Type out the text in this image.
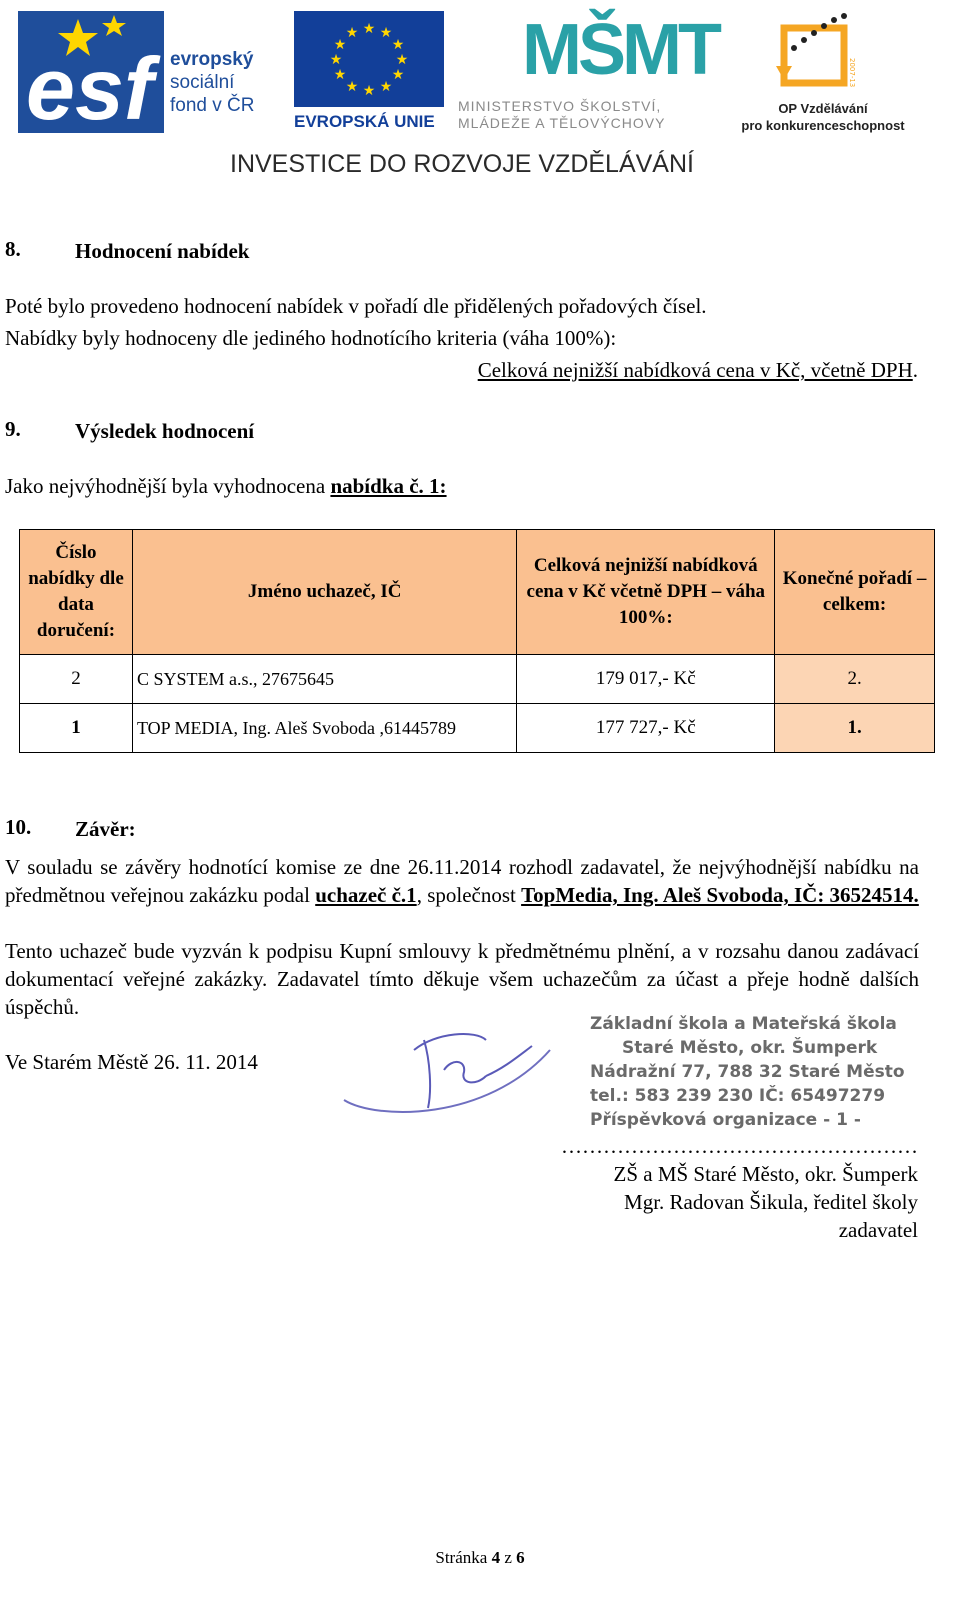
esf evropský
sociální
fond v ČR
★ ★
★
★
★
★
★
★
★
★
★
★
EVROPSKÁ UNIE
MŠMT
MINISTERSTVO ŠKOLSTVÍ,
MLÁDEŽE A TĚLOVÝCHOVY
2007-13
OP Vzdělávání
pro konkurenceschopnost
INVESTICE DO ROZVOJE VZDĚLÁVÁNÍ
8.	Hodnocení nabídek
Poté bylo provedeno hodnocení nabídek v pořadí dle přidělených pořadových čísel.
Nabídky byly hodnoceny dle jediného hodnotícího kriteria (váha 100%):
Celková nejnižší nabídková cena v Kč, včetně DPH.
9.	Výsledek hodnocení
Jako nejvýhodnější byla vyhodnocena nabídka č. 1:
Číslo nabídky dle data doručení:	Jméno uchazeč, IČ	Celková nejnižší nabídková cena v Kč včetně DPH – váha 100%:	Konečné pořadí – celkem:
2	C SYSTEM a.s., 27675645	179 017,- Kč	2.
1	TOP MEDIA, Ing. Aleš Svoboda ,61445789	177 727,- Kč	1.
10. Závěr:
V souladu se závěry hodnotící komise ze dne 26.11.2014 rozhodl zadavatel, že nejvýhodnější nabídku na předmětnou veřejnou zakázku podal uchazeč č.1, společnost TopMedia, Ing. Aleš Svoboda, IČ: 36524514.
Tento uchazeč bude vyzván k podpisu Kupní smlouvy k předmětnému plnění, a v rozsahu danou zadávací dokumentací veřejné zakázky. Zadavatel tímto děkuje všem uchazečům za účast a přeje hodně dalších úspěchů.
Ve Starém Městě 26. 11. 2014
Základní škola a Mateřská škola
Staré Město, okr. Šumperk
Nádražní 77, 788 32 Staré Město
tel.: 583 239 230 IČ: 65497279
Příspěvková organizace - 1 -
……………………………………………
ZŠ a MŠ Staré Město, okr. Šumperk
Mgr. Radovan Šikula, ředitel školy
zadavatel
Stránka 4 z 6
